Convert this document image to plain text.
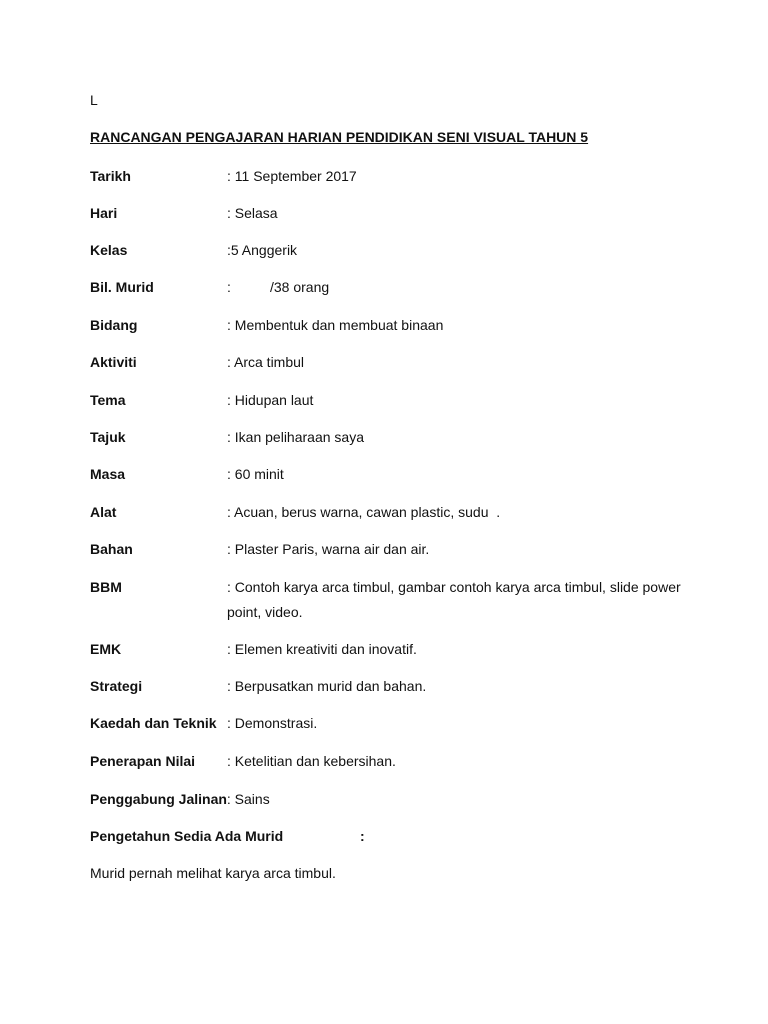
L
RANCANGAN PENGAJARAN HARIAN PENDIDIKAN SENI VISUAL TAHUN 5
Tarikh	: 11 September 2017
Hari	: Selasa
Kelas	:5 Anggerik
Bil. Murid	:	/38 orang
Bidang	: Membentuk dan membuat binaan
Aktiviti	: Arca timbul
Tema	: Hidupan laut
Tajuk	: Ikan peliharaan saya
Masa	: 60 minit
Alat	: Acuan, berus warna, cawan plastic, sudu  .
Bahan	: Plaster Paris, warna air dan air.
BBM	: Contoh karya arca timbul, gambar contoh karya arca timbul, slide power point, video.
EMK	: Elemen kreativiti dan inovatif.
Strategi	: Berpusatkan murid dan bahan.
Kaedah dan Teknik : Demonstrasi.
Penerapan Nilai : Ketelitian dan kebersihan.
Penggabung Jalinan: Sains
Pengetahun Sedia Ada Murid	:
Murid pernah melihat karya arca timbul.
